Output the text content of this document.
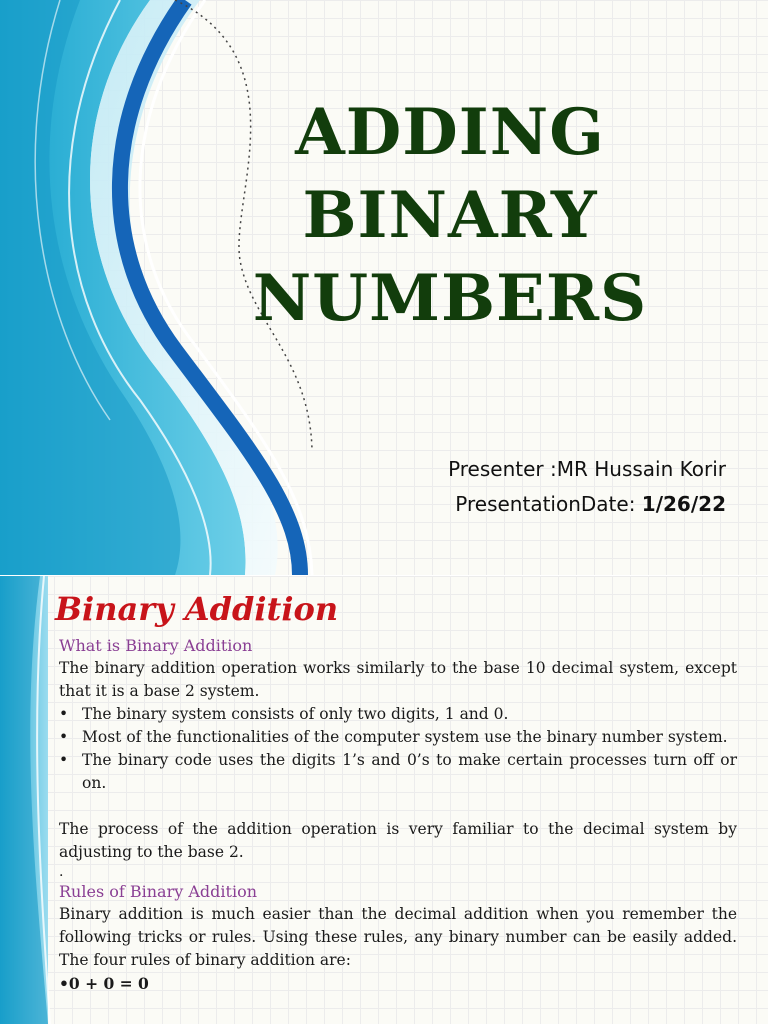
ADDING
BINARY
NUMBERS
Presenter :MR Hussain Korir
PresentationDate: 1/26/22
Binary Addition
What is Binary Addition
The binary addition operation works similarly to the base 10 decimal system, except that it is a base 2 system.
• The binary system consists of only two digits, 1 and 0.
• Most of the functionalities of the computer system use the binary number system.
• The binary code uses the digits 1’s and 0’s to make certain processes turn off or on.
The process of the addition operation is very familiar to the decimal system by adjusting to the base 2.
.
Rules of Binary Addition
Binary addition is much easier than the decimal addition when you remember the following tricks or rules. Using these rules, any binary number can be easily added. The four rules of binary addition are:
•0 + 0 = 0
